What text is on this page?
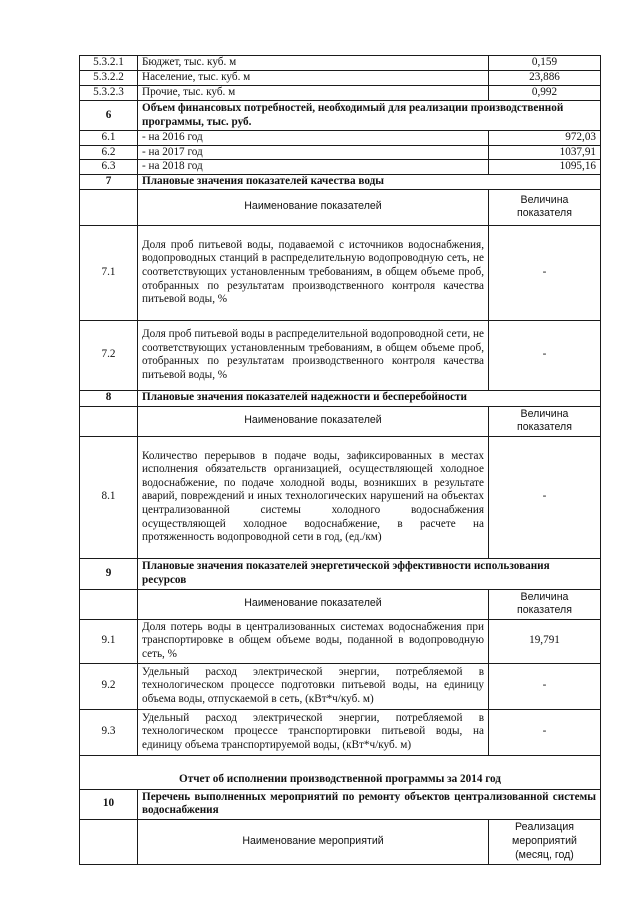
5.3.2.1	Бюджет, тыс. куб. м	0,159
5.3.2.2	Население, тыс. куб. м	23,886
5.3.2.3	Прочие, тыс. куб. м	0,992
6	Объем финансовых потребностей, необходимый для реализации производственной программы, тыс. руб.	
6.1	- на 2016 год	972,03
6.2	- на 2017 год	1037,91
6.3	- на 2018 год	1095,16
7	Плановые значения показателей качества воды	
	Наименование показателей	Величина показателя
7.1	Доля проб питьевой воды, подаваемой с источников водоснабжения, водопроводных станций в распределительную водопроводную сеть, не соответствующих установленным требованиям, в общем объеме проб, отобранных по результатам производственного контроля качества питьевой воды, %	-
7.2	Доля проб питьевой воды в распределительной водопроводной сети, не соответствующих установленным требованиям, в общем объеме проб, отобранных по результатам производственного контроля качества питьевой воды, %	-
8	Плановые значения показателей надежности и бесперебойности	
	Наименование показателей	Величина показателя
8.1	Количество перерывов в подаче воды, зафиксированных в местах исполнения обязательств организацией, осуществляющей холодное водоснабжение, по подаче холодной воды, возникших в результате аварий, повреждений и иных технологических нарушений на объектах централизованной системы холодного водоснабжения осуществляющей холодное водоснабжение, в расчете на протяженность водопроводной сети в год, (ед./км)	-
9	Плановые значения показателей энергетической эффективности использования ресурсов	
	Наименование показателей	Величина показателя
9.1	Доля потерь воды в централизованных системах водоснабжения при транспортировке в общем объеме воды, поданной в водопроводную сеть, %	19,791
9.2	Удельный расход электрической энергии, потребляемой в технологическом процессе подготовки питьевой воды, на единицу объема воды, отпускаемой в сеть, (кВт*ч/куб. м)	-
9.3	Удельный расход электрической энергии, потребляемой в технологическом процессе транспортировки питьевой воды, на единицу объема транспортируемой воды, (кВт*ч/куб. м)	-
Отчет об исполнении производственной программы за 2014 год		
10	Перечень выполненных мероприятий по ремонту объектов централизованной системы водоснабжения	
	Наименование мероприятий	Реализация мероприятий (месяц, год)
